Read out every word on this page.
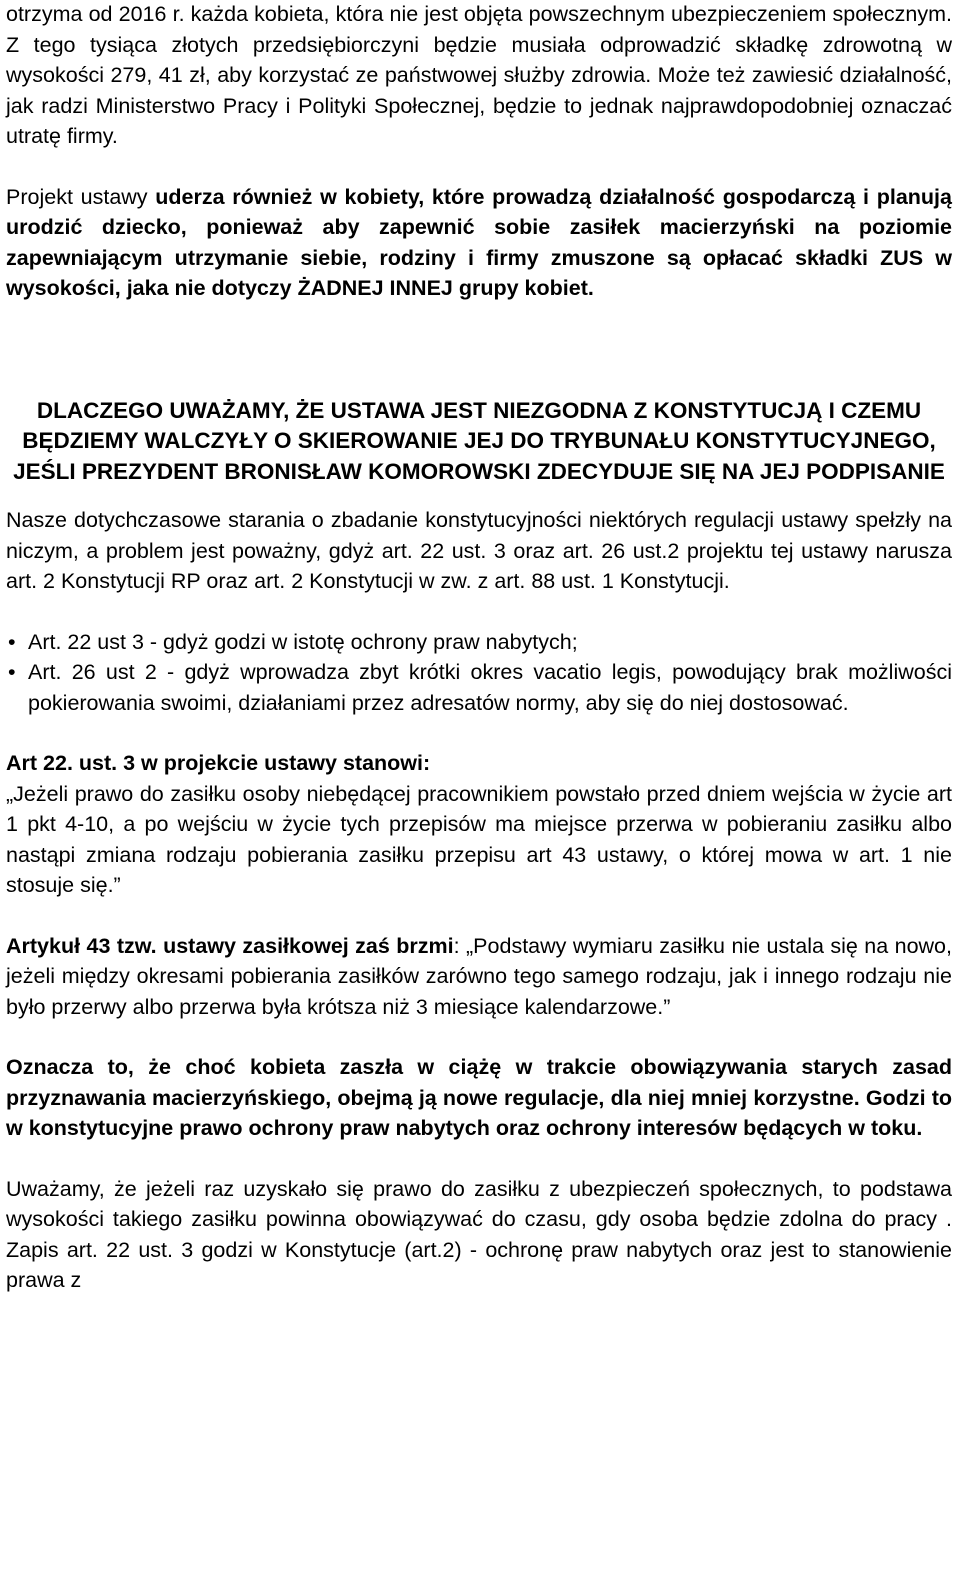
otrzyma od 2016 r. każda kobieta, która nie jest objęta powszechnym ubezpieczeniem społecznym. Z tego tysiąca złotych przedsiębiorczyni będzie musiała odprowadzić składkę zdrowotną w wysokości 279, 41 zł, aby korzystać ze państwowej służby zdrowia. Może też zawiesić działalność, jak radzi Ministerstwo Pracy i Polityki Społecznej, będzie to jednak najprawdopodobniej oznaczać utratę firmy.

Projekt ustawy uderza również w kobiety, które prowadzą działalność gospodarczą i planują urodzić dziecko, ponieważ aby zapewnić sobie zasiłek macierzyński na poziomie zapewniającym utrzymanie siebie, rodziny i firmy zmuszone są opłacać składki ZUS w wysokości, jaka nie dotyczy ŻADNEJ INNEJ grupy kobiet.

DLACZEGO UWAŻAMY, ŻE USTAWA JEST NIEZGODNA Z KONSTYTUCJĄ I CZEMU BĘDZIEMY WALCZYŁY O SKIEROWANIE JEJ DO TRYBUNAŁU KONSTYTUCYJNEGO, JEŚLI PREZYDENT BRONISŁAW KOMOROWSKI ZDECYDUJE SIĘ NA JEJ PODPISANIE

Nasze dotychczasowe starania o zbadanie konstytucyjności niektórych regulacji ustawy spełzły na niczym, a problem jest poważny, gdyż art. 22 ust. 3 oraz art. 26 ust.2 projektu tej ustawy narusza art. 2 Konstytucji RP oraz art. 2 Konstytucji w zw. z art. 88 ust. 1 Konstytucji.

• Art. 22 ust 3 - gdyż godzi w istotę ochrony praw nabytych;
• Art. 26 ust 2 - gdyż wprowadza zbyt krótki okres vacatio legis, powodujący brak możliwości pokierowania swoimi, działaniami przez adresatów normy, aby się do niej dostosować.

Art 22. ust. 3 w projekcie ustawy stanowi:
„Jeżeli prawo do zasiłku osoby niebędącej pracownikiem powstało przed dniem wejścia w życie art 1 pkt 4-10, a po wejściu w życie tych przepisów ma miejsce przerwa w pobieraniu zasiłku albo nastąpi zmiana rodzaju pobierania zasiłku przepisu art 43 ustawy, o której mowa w art. 1 nie stosuje się.”

Artykuł 43 tzw. ustawy zasiłkowej zaś brzmi: „Podstawy wymiaru zasiłku nie ustala się na nowo, jeżeli między okresami pobierania zasiłków zarówno tego samego rodzaju, jak i innego rodzaju nie było przerwy albo przerwa była krótsza niż 3 miesiące kalendarzowe.”

Oznacza to, że choć kobieta zaszła w ciążę w trakcie obowiązywania starych zasad przyznawania macierzyńskiego, obejmą ją nowe regulacje, dla niej mniej korzystne. Godzi to w konstytucyjne prawo ochrony praw nabytych oraz ochrony interesów będących w toku.

Uważamy, że jeżeli raz uzyskało się prawo do zasiłku z ubezpieczeń społecznych, to podstawa wysokości takiego zasiłku powinna obowiązywać do czasu, gdy osoba będzie zdolna do pracy . Zapis art. 22 ust. 3 godzi w Konstytucje (art.2) - ochronę praw nabytych oraz jest to stanowienie prawa z
